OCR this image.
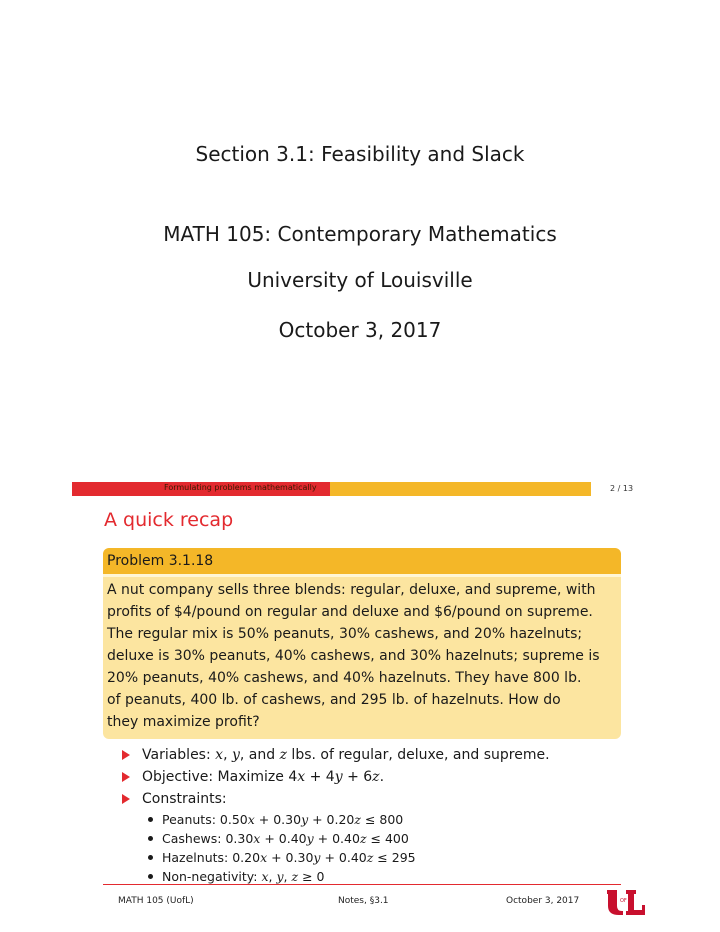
Section 3.1: Feasibility and Slack
MATH 105: Contemporary Mathematics
University of Louisville
October 3, 2017
Formulating problems mathematically	2 / 13
A quick recap
Problem 3.1.18
A nut company sells three blends: regular, deluxe, and supreme, with
profits of $4/pound on regular and deluxe and $6/pound on supreme.
The regular mix is 50% peanuts, 30% cashews, and 20% hazelnuts;
deluxe is 30% peanuts, 40% cashews, and 30% hazelnuts; supreme is
20% peanuts, 40% cashews, and 40% hazelnuts. They have 800 lb.
of peanuts, 400 lb. of cashews, and 295 lb. of hazelnuts. How do
they maximize profit?
Variables: x, y, and z lbs. of regular, deluxe, and supreme.
Objective: Maximize 4x + 4y + 6z.
Constraints:
Peanuts: 0.50x + 0.30y + 0.20z ≤ 800
Cashews: 0.30x + 0.40y + 0.40z ≤ 400
Hazelnuts: 0.20x + 0.30y + 0.40z ≤ 295
Non-negativity: x, y, z ≥ 0
MATH 105 (UofL)	Notes, §3.1	October 3, 2017	OF
